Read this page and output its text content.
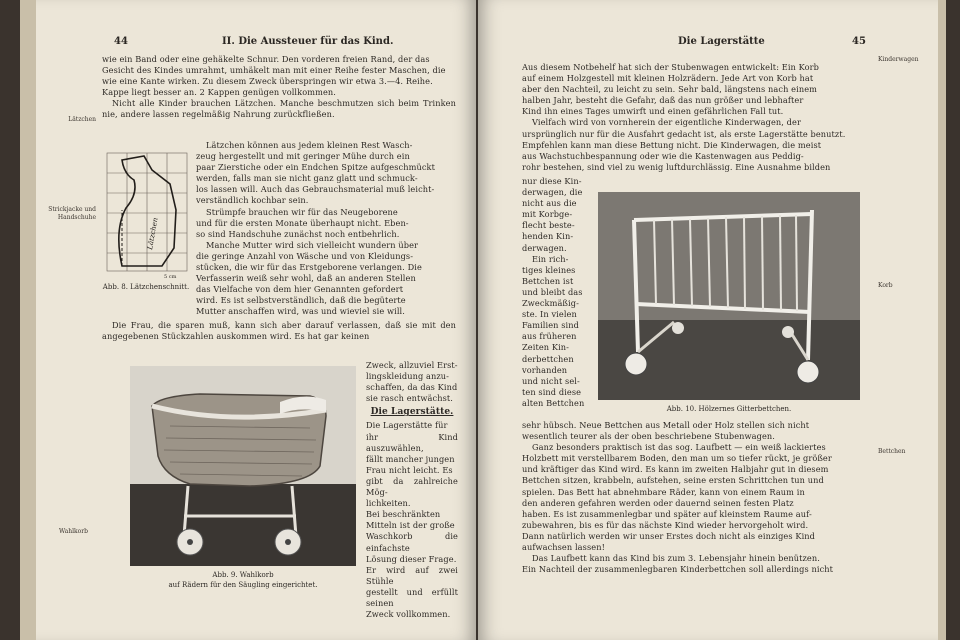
44	II. Die Aussteuer für das Kind.

wie ein Band oder eine gehäkelte Schnur. Den vorderen freien Rand, der das

Gesicht des Kindes umrahmt, umhäkelt man mit einer Reihe fester Maschen, die

wie eine Kante wirken. Zu diesem Zweck überspringen wir etwa 3.—4. Reihe.

Kappe liegt besser an. 2 Kappen genügen vollkommen.

Nicht alle Kinder brauchen Lätzchen. Manche beschmutzen sich beim Trinken nie, andere lassen regelmäßig Nahrung zurückfließen.

Lätzchen
Strickjacke und Handschuhe
Wahlkorb
Lätzchen
5 cm
Abb. 8. Lätzchenschnitt.

Lätzchen können aus jedem kleinen Rest Wasch-

zeug hergestellt und mit geringer Mühe durch ein

paar Zierstiche oder ein Endchen Spitze aufgeschmückt

werden, falls man sie nicht ganz glatt und schmuck-

los lassen will. Auch das Gebrauchsmaterial muß leicht-

verständlich kochbar sein.

Strümpfe brauchen wir für das Neugeborene

und für die ersten Monate überhaupt nicht. Eben-

so sind Handschuhe zunächst noch entbehrlich.

Manche Mutter wird sich vielleicht wundern über

die geringe Anzahl von Wäsche und von Kleidungs-

stücken, die wir für das Erstgeborene verlangen. Die

Verfasserin weiß sehr wohl, daß an anderen Stellen

das Vielfache von dem hier Genannten gefordert

wird. Es ist selbstverständlich, daß die begüterte

Mutter anschaffen wird, was und wieviel sie will.

Die Frau, die sparen muß, kann sich aber darauf verlassen, daß sie mit den angegebenen Stückzahlen auskommen wird. Es hat gar keinen

Abb. 9. Wahlkorb
auf Rädern für den Säugling eingerichtet.

Zweck, allzuviel Erst-

lingskleidung anzu-

schaffen, da das Kind

sie rasch entwächst.

Die Lagerstätte.

Die Lagerstätte für

ihr Kind auszuwählen,

fällt mancher jungen

Frau nicht leicht. Es

gibt da zahlreiche Mög-

lichkeiten.

Bei beschränkten

Mitteln ist der große

Waschkorb die einfachste

Lösung dieser Frage.

Er wird auf zwei Stühle

gestellt und erfüllt seinen

Zweck vollkommen.

Die Lagerstätte	45
Kinderwagen
Korb
Bettchen

Aus diesem Notbehelf hat sich der Stubenwagen entwickelt: Ein Korb

auf einem Holzgestell mit kleinen Holzrädern. Jede Art von Korb hat

aber den Nachteil, zu leicht zu sein. Sehr bald, längstens nach einem

halben Jahr, besteht die Gefahr, daß das nun größer und lebhafter

Kind ihn eines Tages umwirft und einen gefährlichen Fall tut.

Vielfach wird von vornherein der eigentliche Kinderwagen, der

ursprünglich nur für die Ausfahrt gedacht ist, als erste Lagerstätte benutzt.

Empfehlen kann man diese Bettung nicht. Die Kinderwagen, die meist

aus Wachstuchbespannung oder wie die Kastenwagen aus Peddig-

rohr bestehen, sind viel zu wenig luftdurchlässig. Eine Ausnahme bilden

nur diese Kin-

derwagen, die

nicht aus die

mit Korbge-

flecht beste-

henden Kin-

derwagen.

Ein rich-

tiges kleines

Bettchen ist

und bleibt das

Zweckmäßig-

ste. In vielen

Familien sind

aus früheren

Zeiten Kin-

derbettchen

vorhanden

und nicht sel-

ten sind diese

alten Bettchen

Abb. 10. Hölzernes Gitterbettchen.

sehr hübsch. Neue Bettchen aus Metall oder Holz stellen sich nicht

wesentlich teurer als der oben beschriebene Stubenwagen.

Ganz besonders praktisch ist das sog. Laufbett — ein weiß lackiertes

Holzbett mit verstellbarem Boden, den man um so tiefer rückt, je größer

und kräftiger das Kind wird. Es kann im zweiten Halbjahr gut in diesem

Bettchen sitzen, krabbeln, aufstehen, seine ersten Schrittchen tun und

spielen. Das Bett hat abnehmbare Räder, kann von einem Raum in

den anderen gefahren werden oder dauernd seinen festen Platz

haben. Es ist zusammenlegbar und später auf kleinstem Raume auf-

zubewahren, bis es für das nächste Kind wieder hervorgeholt wird.

Dann natürlich werden wir unser Erstes doch nicht als einziges Kind

aufwachsen lassen!

Das Laufbett kann das Kind bis zum 3. Lebensjahr hinein benützen.

Ein Nachteil der zusammenlegbaren Kinderbettchen soll allerdings nicht
